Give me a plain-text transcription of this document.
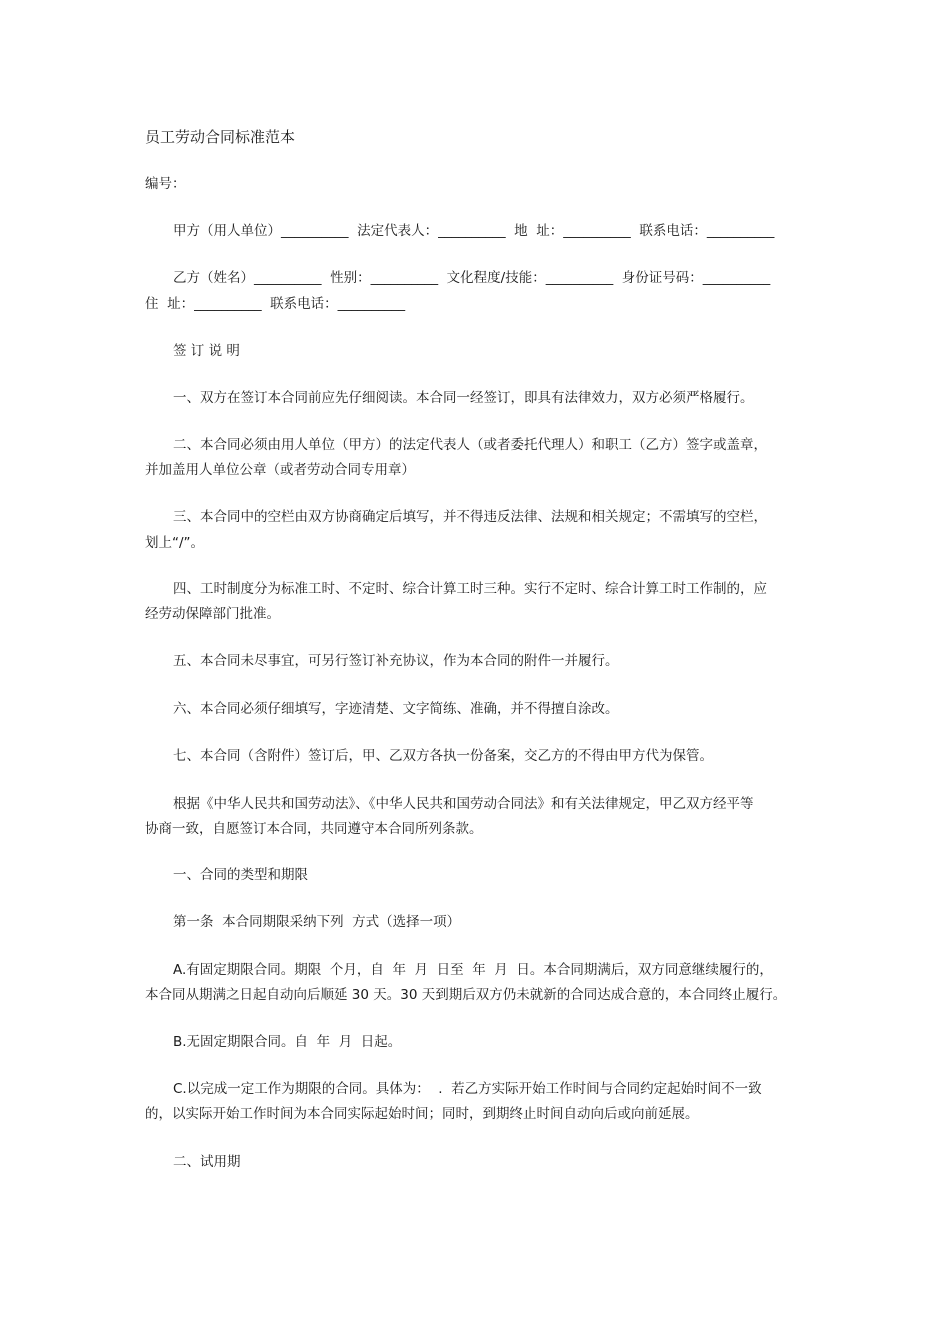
员工劳动合同标准范本

编号：

甲方（用人单位）__________  法定代表人：__________  地  址：__________  联系电话：__________

乙方（姓名）__________  性别：__________  文化程度/技能：__________  身份证号码：__________

住  址：__________  联系电话：__________

签 订 说 明

一、双方在签订本合同前应先仔细阅读。本合同一经签订，即具有法律效力，双方必须严格履行。

二、本合同必须由用人单位（甲方）的法定代表人（或者委托代理人）和职工（乙方）签字或盖章，

并加盖用人单位公章（或者劳动合同专用章）

三、本合同中的空栏由双方协商确定后填写，并不得违反法律、法规和相关规定；不需填写的空栏，

划上“/”。

四、工时制度分为标准工时、不定时、综合计算工时三种。实行不定时、综合计算工时工作制的，应

经劳动保障部门批准。

五、本合同未尽事宜，可另行签订补充协议，作为本合同的附件一并履行。

六、本合同必须仔细填写，字迹清楚、文字简练、准确，并不得擅自涂改。

七、本合同（含附件）签订后，甲、乙双方各执一份备案，交乙方的不得由甲方代为保管。

根据《中华人民共和国劳动法》、《中华人民共和国劳动合同法》和有关法律规定，甲乙双方经平等

协商一致，自愿签订本合同，共同遵守本合同所列条款。

一、合同的类型和期限

第一条  本合同期限采纳下列  方式（选择一项）

A.有固定期限合同。期限  个月，自  年  月  日至  年  月  日。本合同期满后，双方同意继续履行的，

本合同从期满之日起自动向后顺延 30 天。30 天到期后双方仍未就新的合同达成合意的，本合同终止履行。

B.无固定期限合同。自  年  月  日起。

C.以完成一定工作为期限的合同。具体为：  .  若乙方实际开始工作时间与合同约定起始时间不一致

的，以实际开始工作时间为本合同实际起始时间；同时，到期终止时间自动向后或向前延展。

二、试用期
